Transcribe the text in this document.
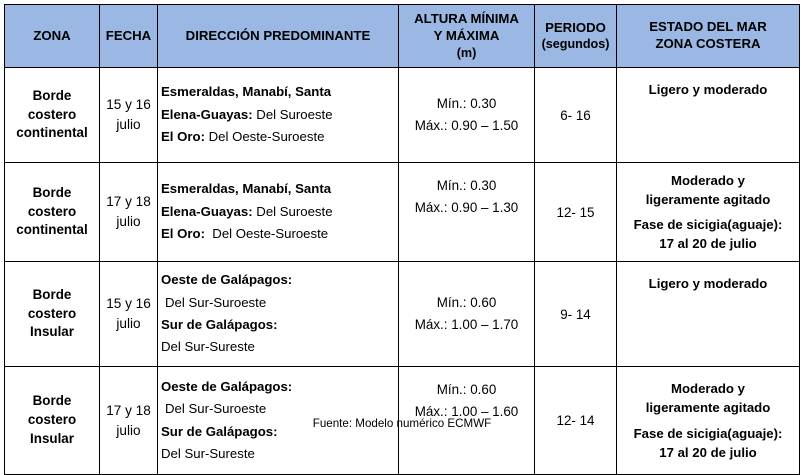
ZONA	FECHA	DIRECCIÓN PREDOMINANTE	ALTURA MÍNIMA
Y MÁXIMA
(m)	PERIODO
(segundos)	ESTADO DEL MAR
ZONA COSTERA

Borde
costero
continental	15 y 16
julio	Esmeraldas, Manabí, Santa
Elena-Guayas: Del Suroeste
El Oro: Del Oeste-Suroeste	Mín.: 0.30
Máx.: 0.90 – 1.50	6- 16	Ligero y moderado

Borde
costero
continental	17 y 18
julio	Esmeraldas, Manabí, Santa
Elena-Guayas: Del Suroeste
El Oro:  Del Oeste-Suroeste	Mín.: 0.30
Máx.: 0.90 – 1.30	12- 15	Moderado y
ligeramente agitado
Fase de sicigia(aguaje):
17 al 20 de julio

Borde
costero
Insular	15 y 16
julio	Oeste de Galápagos:
Del Sur-Suroeste
Sur de Galápagos:
Del Sur-Sureste	Mín.: 0.60
Máx.: 1.00 – 1.70	9- 14	Ligero y moderado

Borde
costero
Insular	17 y 18
julio	Oeste de Galápagos:
Del Sur-Suroeste
Sur de Galápagos:
Del Sur-Sureste	Mín.: 0.60
Máx.: 1.00 – 1.60	12- 14	Moderado y
ligeramente agitado
Fase de sicigia(aguaje):
17 al 20 de julio
Fuente: Modelo numérico ECMWF
